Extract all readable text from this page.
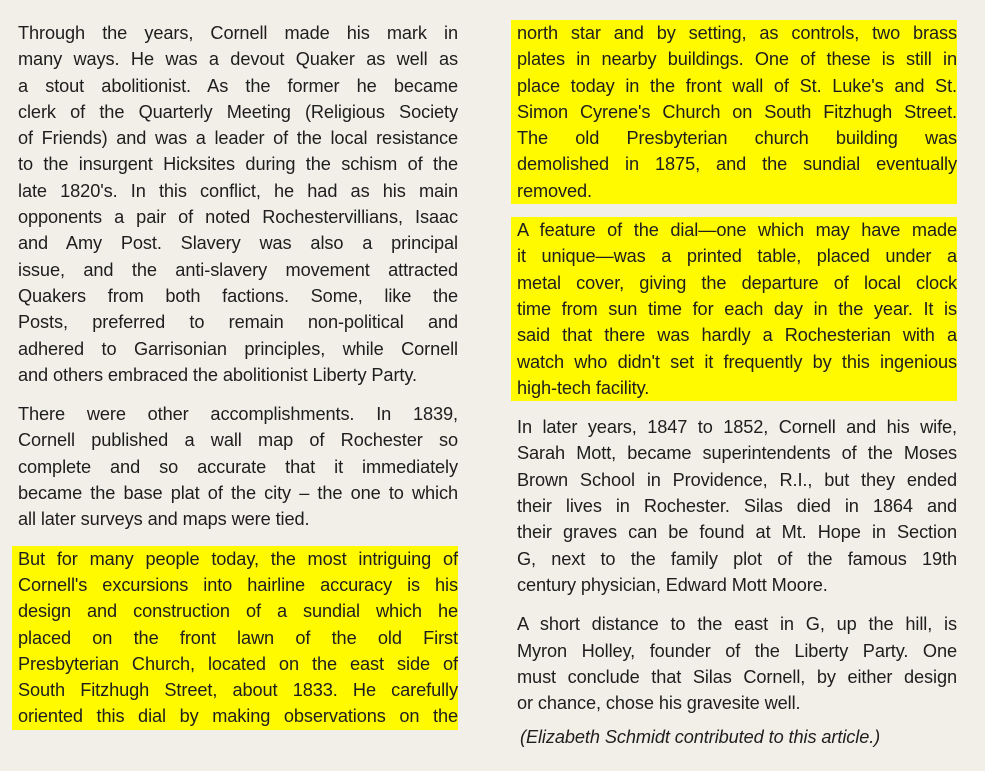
Through the years, Cornell made his mark in
many ways. He was a devout Quaker as well as
a stout abolitionist. As the former he became
clerk of the Quarterly Meeting (Religious Society
of Friends) and was a leader of the local resistance
to the insurgent Hicksites during the schism of the
late 1820's. In this conflict, he had as his main
opponents a pair of noted Rochestervillians, Isaac
and Amy Post. Slavery was also a principal
issue, and the anti-slavery movement attracted
Quakers from both factions. Some, like the
Posts, preferred to remain non-political and
adhered to Garrisonian principles, while Cornell
and others embraced the abolitionist Liberty Party.
There were other accomplishments. In 1839,
Cornell published a wall map of Rochester so
complete and so accurate that it immediately
became the base plat of the city – the one to which
all later surveys and maps were tied.
But for many people today, the most intriguing of
Cornell's excursions into hairline accuracy is his
design and construction of a sundial which he
placed on the front lawn of the old First
Presbyterian Church, located on the east side of
South Fitzhugh Street, about 1833. He carefully
oriented this dial by making observations on the
north star and by setting, as controls, two brass
plates in nearby buildings. One of these is still in
place today in the front wall of St. Luke's and St.
Simon Cyrene's Church on South Fitzhugh Street.
The old Presbyterian church building was
demolished in 1875, and the sundial eventually
removed.
A feature of the dial—one which may have made
it unique—was a printed table, placed under a
metal cover, giving the departure of local clock
time from sun time for each day in the year. It is
said that there was hardly a Rochesterian with a
watch who didn't set it frequently by this ingenious
high-tech facility.
In later years, 1847 to 1852, Cornell and his wife,
Sarah Mott, became superintendents of the Moses
Brown School in Providence, R.I., but they ended
their lives in Rochester. Silas died in 1864 and
their graves can be found at Mt. Hope in Section
G, next to the family plot of the famous 19th
century physician, Edward Mott Moore.
A short distance to the east in G, up the hill, is
Myron Holley, founder of the Liberty Party. One
must conclude that Silas Cornell, by either design
or chance, chose his gravesite well.
(Elizabeth Schmidt contributed to this article.)
